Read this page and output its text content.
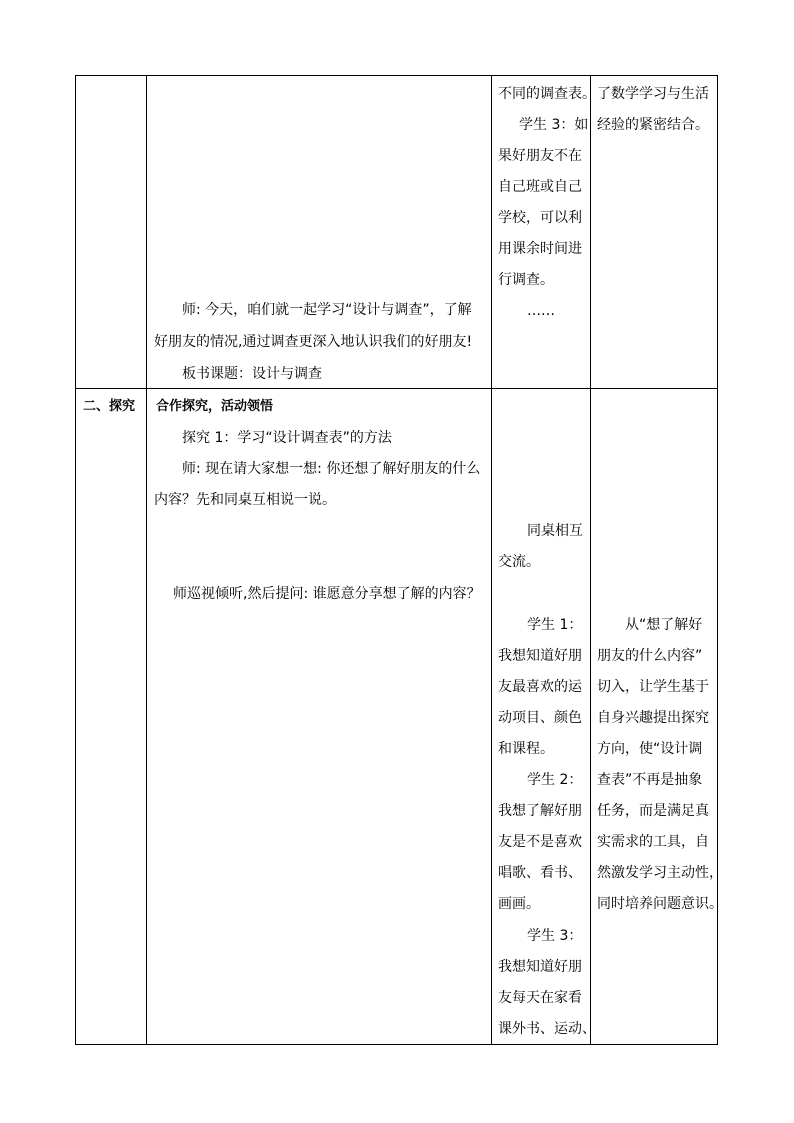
师: 今天，咱们就一起学习“设计与调查”，了解
好朋友的情况,通过调查更深入地认识我们的好朋友!
板书课题：设计与调查
不同的调查表。
学生 3：如
果好朋友不在
自己班或自己
学校，可以利
用课余时间进
行调查。
……
了数学学习与生活
经验的紧密结合。
二、探究 合作探究，活动领悟
探究 1：学习“设计调查表”的方法
师: 现在请大家想一想: 你还想了解好朋友的什么
内容？先和同桌互相说一说。
师巡视倾听,然后提问: 谁愿意分享想了解的内容？
同桌相互
交流。
学生 1：
我想知道好朋
友最喜欢的运
动项目、颜色
和课程。
学生 2：
我想了解好朋
友是不是喜欢
唱歌、看书、
画画。
学生 3：
我想知道好朋
友每天在家看
课外书、运动、
从“想了解好
朋友的什么内容”
切入，让学生基于
自身兴趣提出探究
方向，使“设计调
查表”不再是抽象
任务，而是满足真
实需求的工具，自
然激发学习主动性，
同时培养问题意识。
